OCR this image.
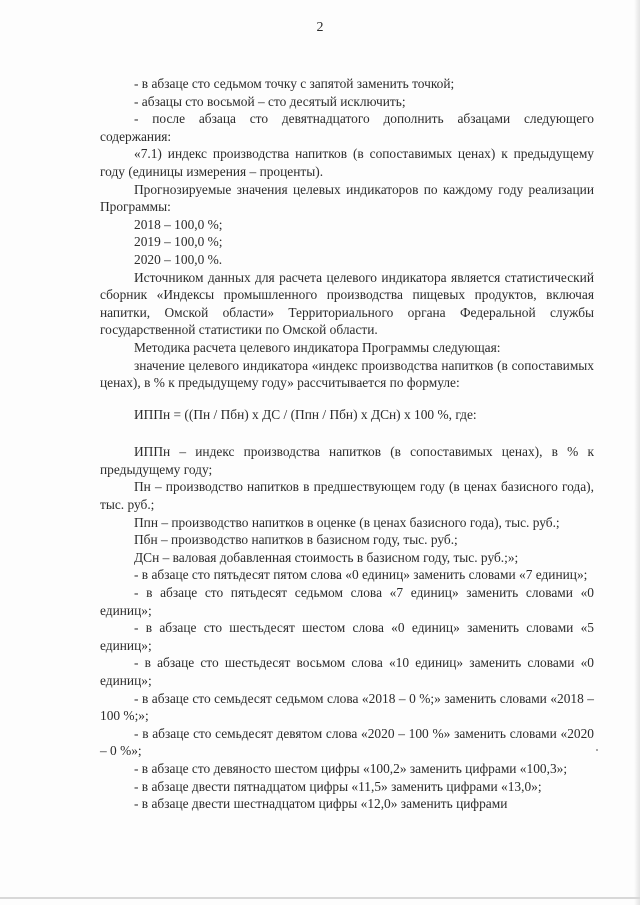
2

- в абзаце сто седьмом точку с запятой заменить точкой;

- абзацы сто восьмой – сто десятый исключить;

- после абзаца сто девятнадцатого дополнить абзацами следующего содержания:

«7.1) индекс производства напитков (в сопоставимых ценах) к предыдущему году (единицы измерения – проценты).

Прогнозируемые значения целевых индикаторов по каждому году реализации Программы:

2018 – 100,0 %;

2019 – 100,0 %;

2020 – 100,0 %.

Источником данных для расчета целевого индикатора является статистический сборник «Индексы промышленного производства пищевых продуктов, включая напитки, Омской области» Территориального органа Федеральной службы государственной статистики по Омской области.

Методика расчета целевого индикатора Программы следующая:

значение целевого индикатора «индекс производства напитков (в сопоставимых ценах), в % к предыдущему году» рассчитывается по формуле:

ИППн = ((Пн / Пбн) х ДС / (Ппн / Пбн) х ДСн) х 100 %, где:

ИППн – индекс производства напитков (в сопоставимых ценах), в % к предыдущему году;

Пн – производство напитков в предшествующем году (в ценах базисного года), тыс. руб.;

Ппн – производство напитков в оценке (в ценах базисного года), тыс. руб.;

Пбн – производство напитков в базисном году, тыс. руб.;

ДСн – валовая добавленная стоимость в базисном году, тыс. руб.;»;

- в абзаце сто пятьдесят пятом слова «0 единиц» заменить словами «7 единиц»;

- в абзаце сто пятьдесят седьмом слова «7 единиц» заменить словами «0 единиц»;

- в абзаце сто шестьдесят шестом слова «0 единиц» заменить словами «5 единиц»;

- в абзаце сто шестьдесят восьмом слова «10 единиц» заменить словами «0 единиц»;

- в абзаце сто семьдесят седьмом слова «2018 – 0 %;» заменить словами «2018 – 100 %;»;

- в абзаце сто семьдесят девятом слова «2020 – 100 %» заменить словами «2020 – 0 %»;

- в абзаце сто девяносто шестом цифры «100,2» заменить цифрами «100,3»;

- в абзаце двести пятнадцатом цифры «11,5» заменить цифрами «13,0»;

- в абзаце двести шестнадцатом цифры «12,0» заменить цифрами
